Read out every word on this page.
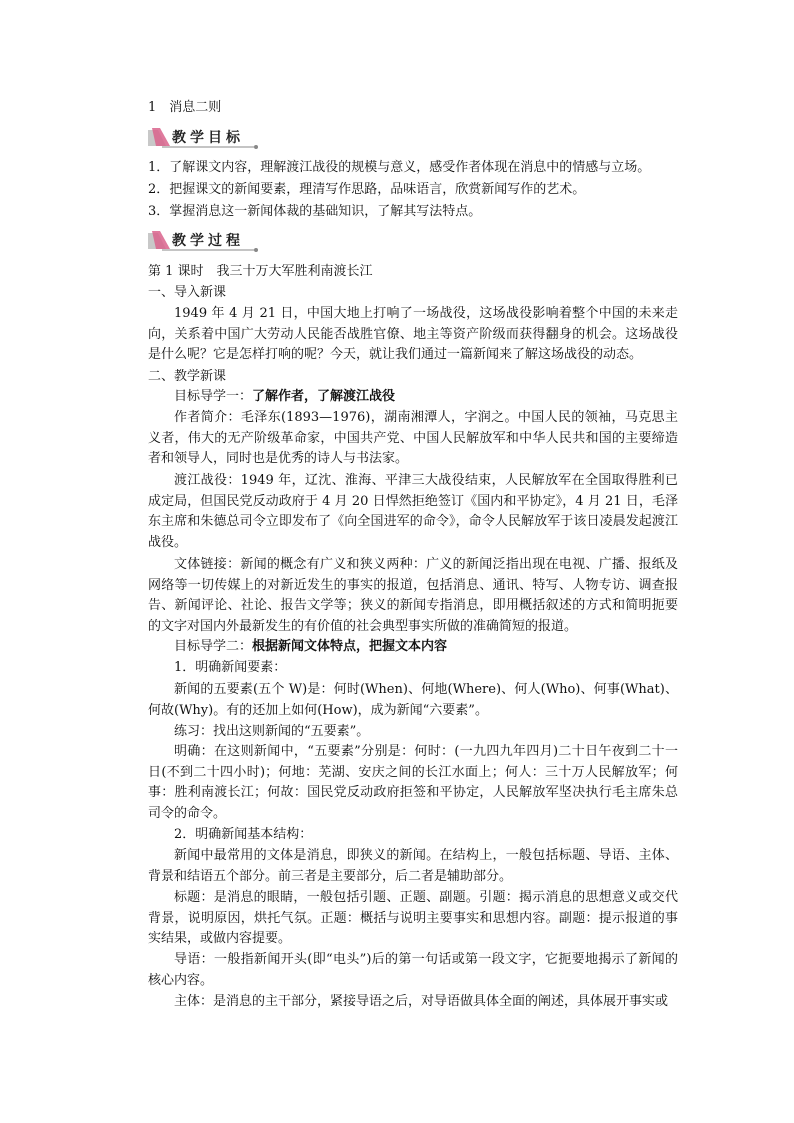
1　消息二则

教学目标

1．了解课文内容，理解渡江战役的规模与意义，感受作者体现在消息中的情感与立场。

2．把握课文的新闻要素，理清写作思路，品味语言，欣赏新闻写作的艺术。

3．掌握消息这一新闻体裁的基础知识，了解其写法特点。

教学过程

第 1 课时　我三十万大军胜利南渡长江

一、导入新课

1949 年 4 月 21 日，中国大地上打响了一场战役，这场战役影响着整个中国的未来走向，关系着中国广大劳动人民能否战胜官僚、地主等资产阶级而获得翻身的机会。这场战役是什么呢？它是怎样打响的呢？今天，就让我们通过一篇新闻来了解这场战役的动态。

二、教学新课

目标导学一：了解作者，了解渡江战役

作者简介：毛泽东(1893—1976)，湖南湘潭人，字润之。中国人民的领袖，马克思主义者，伟大的无产阶级革命家，中国共产党、中国人民解放军和中华人民共和国的主要缔造者和领导人，同时也是优秀的诗人与书法家。

渡江战役：1949 年，辽沈、淮海、平津三大战役结束，人民解放军在全国取得胜利已成定局，但国民党反动政府于 4 月 20 日悍然拒绝签订《国内和平协定》，4 月 21 日，毛泽东主席和朱德总司令立即发布了《向全国进军的命令》，命令人民解放军于该日凌晨发起渡江战役。

文体链接：新闻的概念有广义和狭义两种：广义的新闻泛指出现在电视、广播、报纸及网络等一切传媒上的对新近发生的事实的报道，包括消息、通讯、特写、人物专访、调查报告、新闻评论、社论、报告文学等；狭义的新闻专指消息，即用概括叙述的方式和简明扼要的文字对国内外最新发生的有价值的社会典型事实所做的准确简短的报道。

目标导学二：根据新闻文体特点，把握文本内容

1．明确新闻要素：

新闻的五要素(五个 W)是：何时(When)、何地(Where)、何人(Who)、何事(What)、何故(Why)。有的还加上如何(How)，成为新闻“六要素”。

练习：找出这则新闻的“五要素”。

明确：在这则新闻中，“五要素”分别是：何时：(一九四九年四月)二十日午夜到二十一日(不到二十四小时)；何地：芜湖、安庆之间的长江水面上；何人：三十万人民解放军；何事：胜利南渡长江；何故：国民党反动政府拒签和平协定，人民解放军坚决执行毛主席朱总司令的命令。

2．明确新闻基本结构：

新闻中最常用的文体是消息，即狭义的新闻。在结构上，一般包括标题、导语、主体、背景和结语五个部分。前三者是主要部分，后二者是辅助部分。

标题：是消息的眼睛，一般包括引题、正题、副题。引题：揭示消息的思想意义或交代背景，说明原因，烘托气氛。正题：概括与说明主要事实和思想内容。副题：提示报道的事实结果，或做内容提要。

导语：一般指新闻开头(即“电头”)后的第一句话或第一段文字，它扼要地揭示了新闻的核心内容。

主体：是消息的主干部分，紧接导语之后，对导语做具体全面的阐述，具体展开事实或
